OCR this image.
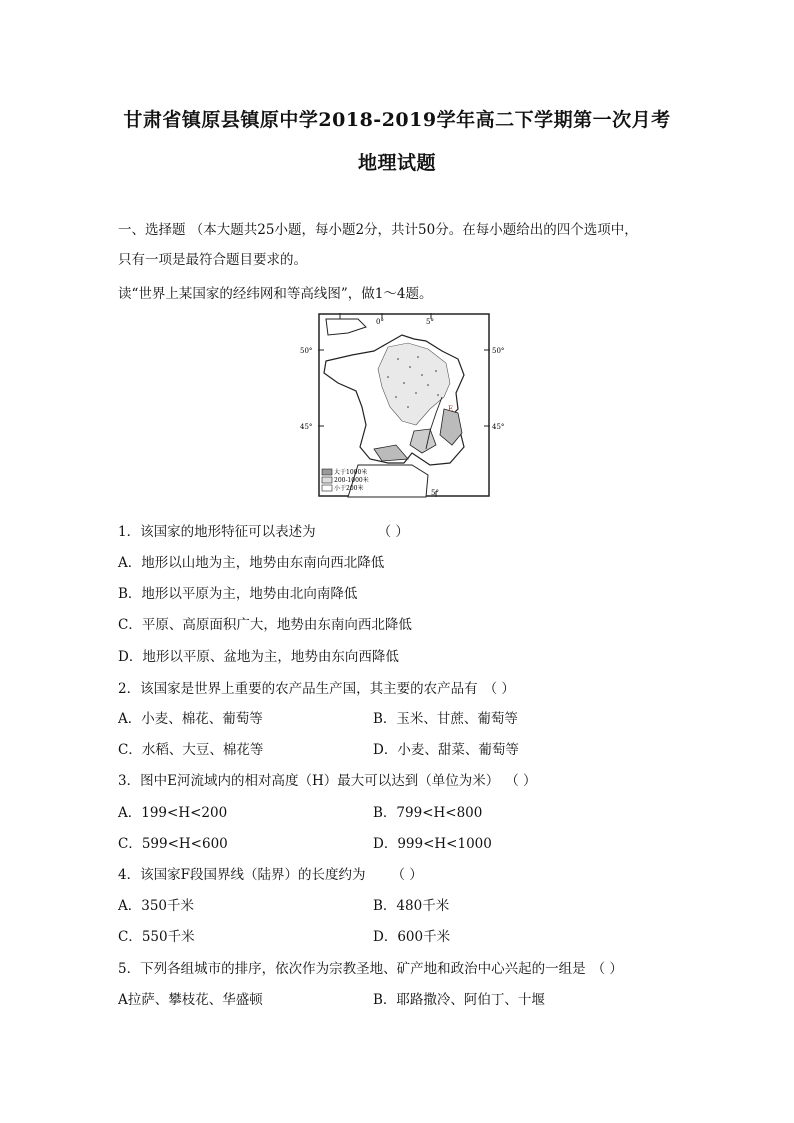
甘肃省镇原县镇原中学2018-2019学年高二下学期第一次月考
地理试题
一、选择题 （本大题共25小题，每小题2分，共计50分。在每小题给出的四个选项中，
只有一项是最符合题目要求的。
读“世界上某国家的经纬网和等高线图”，做1～4题。
0°	5°
5°
50°	50°
45°	45°
E
大于1000米
200-1000米
小于200米
1．该国家的地形特征可以表述为	（ ）
A．地形以山地为主，地势由东南向西北降低
B．地形以平原为主，地势由北向南降低
C．平原、高原面积广大，地势由东南向西北降低
D．地形以平原、盆地为主，地势由东向西降低
2．该国家是世界上重要的农产品生产国，其主要的农产品有 （ ）
A．小麦、棉花、葡萄等	B．玉米、甘蔗、葡萄等
C．水稻、大豆、棉花等	D．小麦、甜菜、葡萄等
3．图中E河流域内的相对高度（H）最大可以达到（单位为米） （ ）
A．199<H<200	B．799<H<800
C．599<H<600	D．999<H<1000
4．该国家F段国界线（陆界）的长度约为 （ ）
A．350千米	B．480千米
C．550千米	D．600千米
5．下列各组城市的排序，依次作为宗教圣地、矿产地和政治中心兴起的一组是 （ ）
A拉萨、攀枝花、华盛顿	B．耶路撒冷、阿伯丁、十堰
